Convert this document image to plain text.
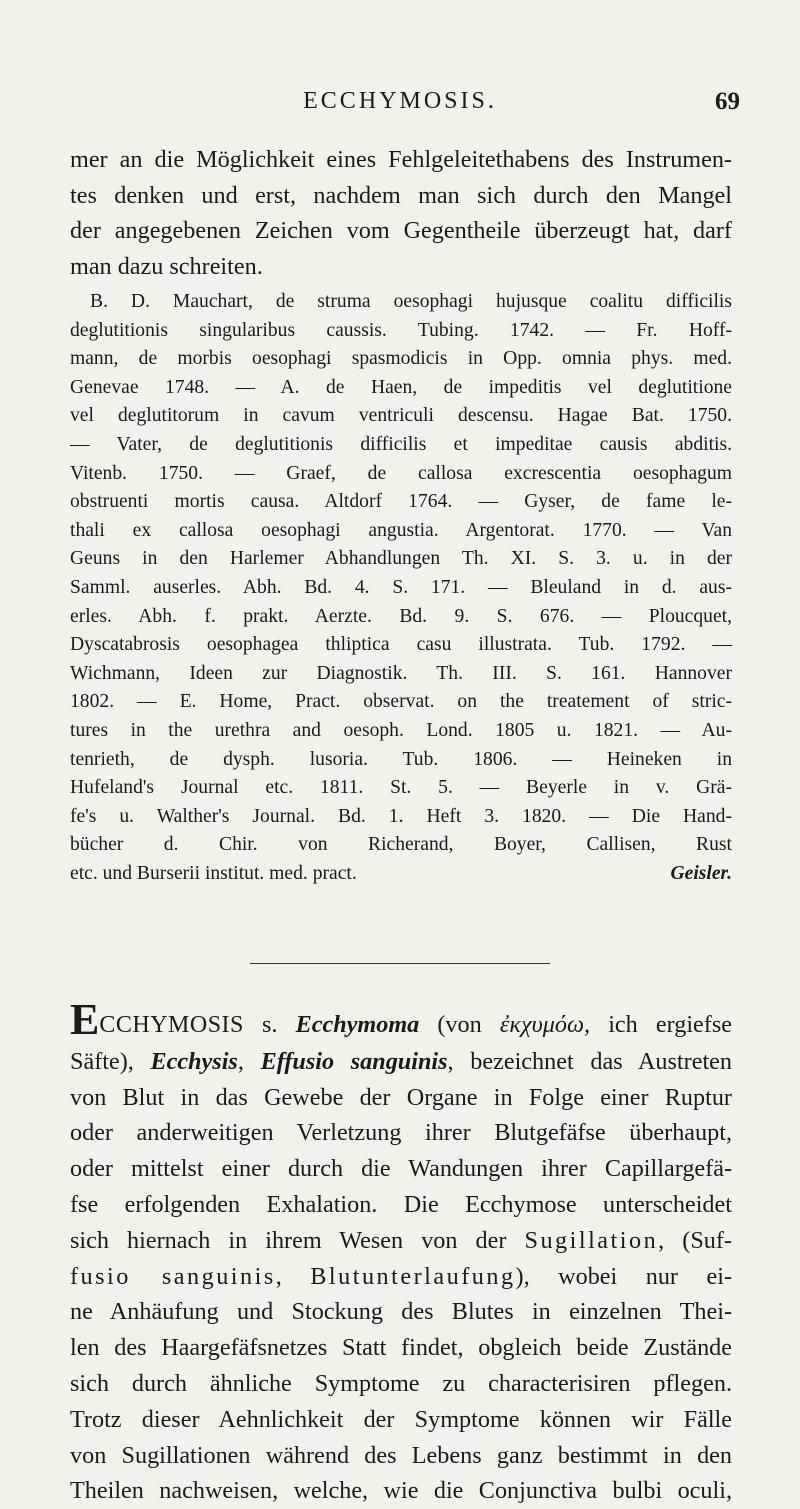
ECCHYMOSIS.	69
mer an die Möglichkeit eines Fehlgeleitethabens des Instrumen-
tes denken und erst, nachdem man sich durch den Mangel
der angegebenen Zeichen vom Gegentheile überzeugt hat, darf
man dazu schreiten.
B. D. Mauchart, de struma oesophagi hujusque coalitu difficilis
deglutitionis singularibus caussis. Tubing. 1742. — Fr. Hoff-
mann, de morbis oesophagi spasmodicis in Opp. omnia phys. med.
Genevae 1748. — A. de Haen, de impeditis vel deglutitione
vel deglutitorum in cavum ventriculi descensu. Hagae Bat. 1750.
— Vater, de deglutitionis difficilis et impeditae causis abditis.
Vitenb. 1750. — Graef, de callosa excrescentia oesophagum
obstruenti mortis causa. Altdorf 1764. — Gyser, de fame le-
thali ex callosa oesophagi angustia. Argentorat. 1770. — Van
Geuns in den Harlemer Abhandlungen Th. XI. S. 3. u. in der
Samml. auserles. Abh. Bd. 4. S. 171. — Bleuland in d. aus-
erles. Abh. f. prakt. Aerzte. Bd. 9. S. 676. — Ploucquet,
Dyscatabrosis oesophagea thliptica casu illustrata. Tub. 1792. —
Wichmann, Ideen zur Diagnostik. Th. III. S. 161. Hannover
1802. — E. Home, Pract. observat. on the treatement of stric-
tures in the urethra and oesoph. Lond. 1805 u. 1821. — Au-
tenrieth, de dysph. lusoria. Tub. 1806. — Heineken in
Hufeland's Journal etc. 1811. St. 5. — Beyerle in v. Grä-
fe's u. Walther's Journal. Bd. 1. Heft 3. 1820. — Die Hand-
bücher d. Chir. von Richerand, Boyer, Callisen, Rust
etc. und Burserii institut. med. pract.	Geisler.
ECCHYMOSIS s. Ecchymoma (von ἐκχυμόω, ich ergiefse
Säfte), Ecchysis, Effusio sanguinis, bezeichnet das Austreten
von Blut in das Gewebe der Organe in Folge einer Ruptur
oder anderweitigen Verletzung ihrer Blutgefäfse überhaupt,
oder mittelst einer durch die Wandungen ihrer Capillargefä-
fse erfolgenden Exhalation. Die Ecchymose unterscheidet
sich hiernach in ihrem Wesen von der Sugillation, (Suf-
fusio sanguinis, Blutunterlaufung), wobei nur ei-
ne Anhäufung und Stockung des Blutes in einzelnen Thei-
len des Haargefäfsnetzes Statt findet, obgleich beide Zustände
sich durch ähnliche Symptome zu characterisiren pflegen.
Trotz dieser Aehnlichkeit der Symptome können wir Fälle
von Sugillationen während des Lebens ganz bestimmt in den
Theilen nachweisen, welche, wie die Conjunctiva bulbi oculi,
